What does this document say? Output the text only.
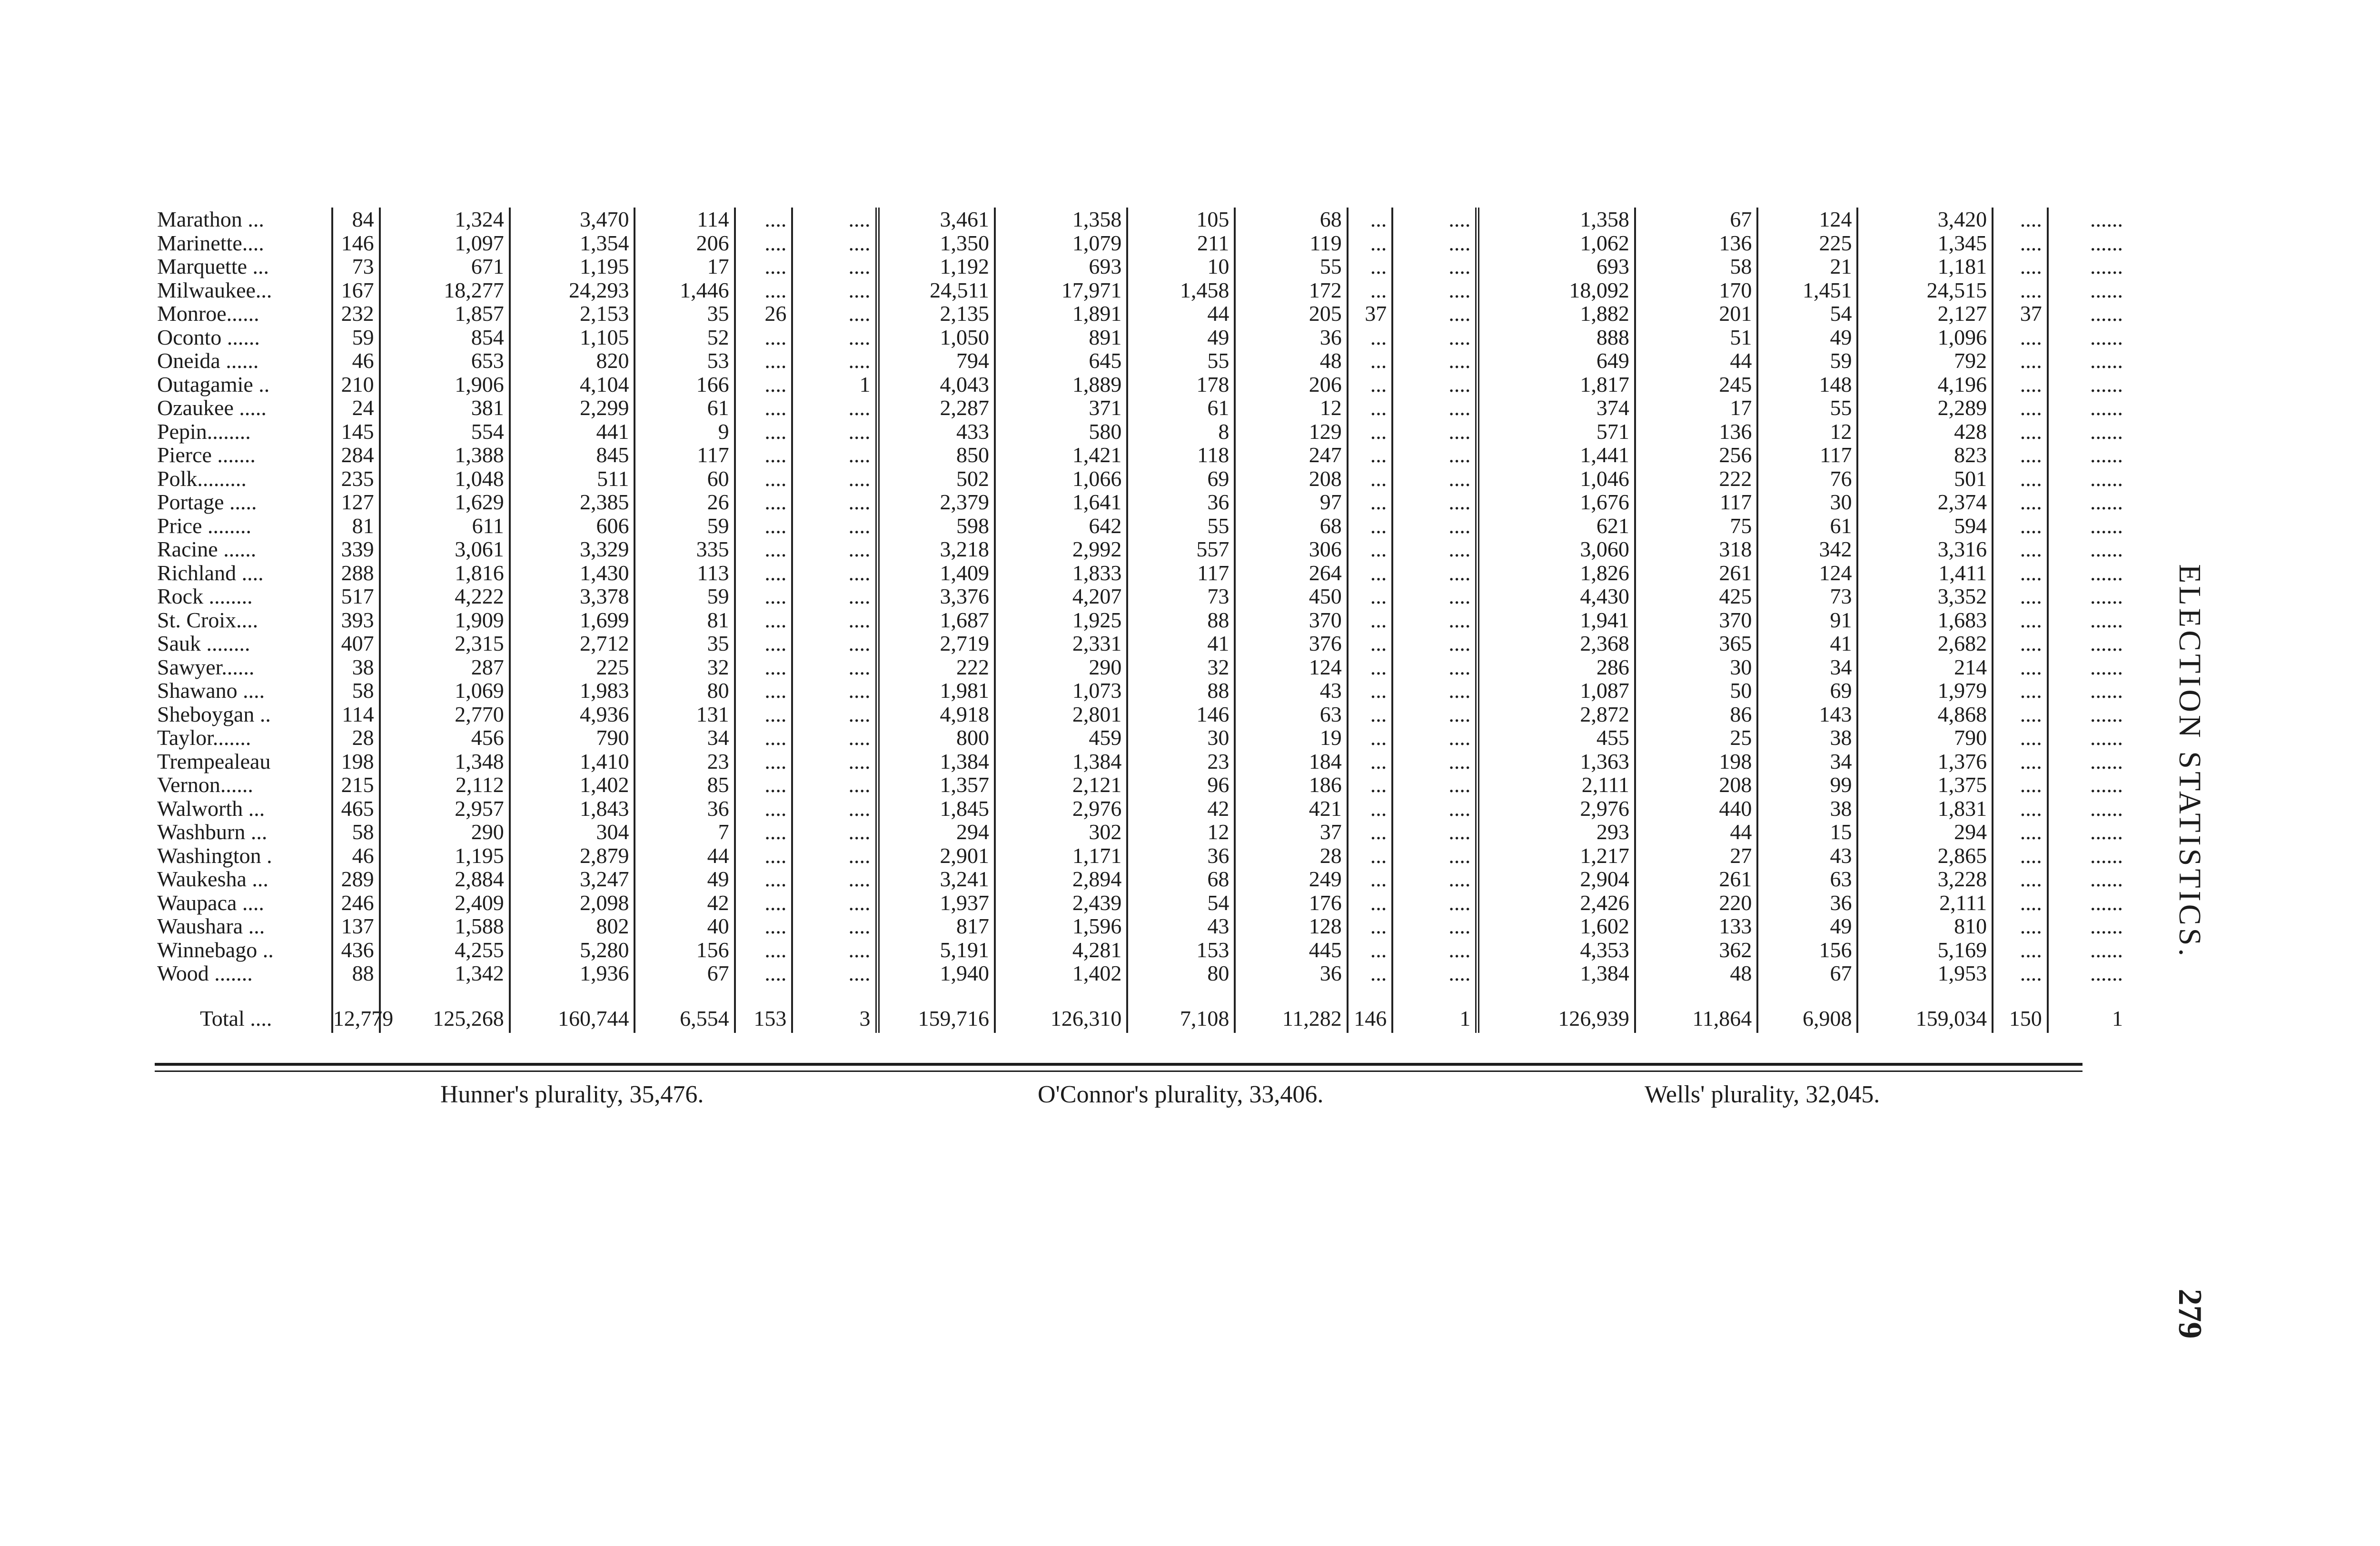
Marathon ...	84	1,324	3,470	114	....	....	3,461	1,358	105	68	...	....	1,358	67	124	3,420	....	......
Marinette....	146	1,097	1,354	206	....	....	1,350	1,079	211	119	...	....	1,062	136	225	1,345	....	......
Marquette ...	73	671	1,195	17	....	....	1,192	693	10	55	...	....	693	58	21	1,181	....	......
Milwaukee...	167	18,277	24,293	1,446	....	....	24,511	17,971	1,458	172	...	....	18,092	170	1,451	24,515	....	......
Monroe......	232	1,857	2,153	35	26	....	2,135	1,891	44	205	37	....	1,882	201	54	2,127	37	......
Oconto ......	59	854	1,105	52	....	....	1,050	891	49	36	...	....	888	51	49	1,096	....	......
Oneida ......	46	653	820	53	....	....	794	645	55	48	...	....	649	44	59	792	....	......
Outagamie ..	210	1,906	4,104	166	....	1	4,043	1,889	178	206	...	....	1,817	245	148	4,196	....	......
Ozaukee .....	24	381	2,299	61	....	....	2,287	371	61	12	...	....	374	17	55	2,289	....	......
Pepin........	145	554	441	9	....	....	433	580	8	129	...	....	571	136	12	428	....	......
Pierce .......	284	1,388	845	117	....	....	850	1,421	118	247	...	....	1,441	256	117	823	....	......
Polk.........	235	1,048	511	60	....	....	502	1,066	69	208	...	....	1,046	222	76	501	....	......
Portage .....	127	1,629	2,385	26	....	....	2,379	1,641	36	97	...	....	1,676	117	30	2,374	....	......
Price ........	81	611	606	59	....	....	598	642	55	68	...	....	621	75	61	594	....	......
Racine ......	339	3,061	3,329	335	....	....	3,218	2,992	557	306	...	....	3,060	318	342	3,316	....	......
Richland ....	288	1,816	1,430	113	....	....	1,409	1,833	117	264	...	....	1,826	261	124	1,411	....	......
Rock ........	517	4,222	3,378	59	....	....	3,376	4,207	73	450	...	....	4,430	425	73	3,352	....	......
St. Croix....	393	1,909	1,699	81	....	....	1,687	1,925	88	370	...	....	1,941	370	91	1,683	....	......
Sauk ........	407	2,315	2,712	35	....	....	2,719	2,331	41	376	...	....	2,368	365	41	2,682	....	......
Sawyer......	38	287	225	32	....	....	222	290	32	124	...	....	286	30	34	214	....	......
Shawano ....	58	1,069	1,983	80	....	....	1,981	1,073	88	43	...	....	1,087	50	69	1,979	....	......
Sheboygan ..	114	2,770	4,936	131	....	....	4,918	2,801	146	63	...	....	2,872	86	143	4,868	....	......
Taylor.......	28	456	790	34	....	....	800	459	30	19	...	....	455	25	38	790	....	......
Trempealeau	198	1,348	1,410	23	....	....	1,384	1,384	23	184	...	....	1,363	198	34	1,376	....	......
Vernon......	215	2,112	1,402	85	....	....	1,357	2,121	96	186	...	....	2,111	208	99	1,375	....	......
Walworth ...	465	2,957	1,843	36	....	....	1,845	2,976	42	421	...	....	2,976	440	38	1,831	....	......
Washburn ...	58	290	304	7	....	....	294	302	12	37	...	....	293	44	15	294	....	......
Washington .	46	1,195	2,879	44	....	....	2,901	1,171	36	28	...	....	1,217	27	43	2,865	....	......
Waukesha ...	289	2,884	3,247	49	....	....	3,241	2,894	68	249	...	....	2,904	261	63	3,228	....	......
Waupaca ....	246	2,409	2,098	42	....	....	1,937	2,439	54	176	...	....	2,426	220	36	2,111	....	......
Waushara ...	137	1,588	802	40	....	....	817	1,596	43	128	...	....	1,602	133	49	810	....	......
Winnebago ..	436	4,255	5,280	156	....	....	5,191	4,281	153	445	...	....	4,353	362	156	5,169	....	......
Wood .......	88	1,342	1,936	67	....	....	1,940	1,402	80	36	...	....	1,384	48	67	1,953	....	......
Total ....	12,779	125,268	160,744	6,554	153	3	159,716	126,310	7,108	11,282	146	1	126,939	11,864	6,908	159,034	150	1
Hunner's plurality, 35,476.	O'Connor's plurality, 33,406.	Wells' plurality, 32,045.
ELECTION STATISTICS.
279
